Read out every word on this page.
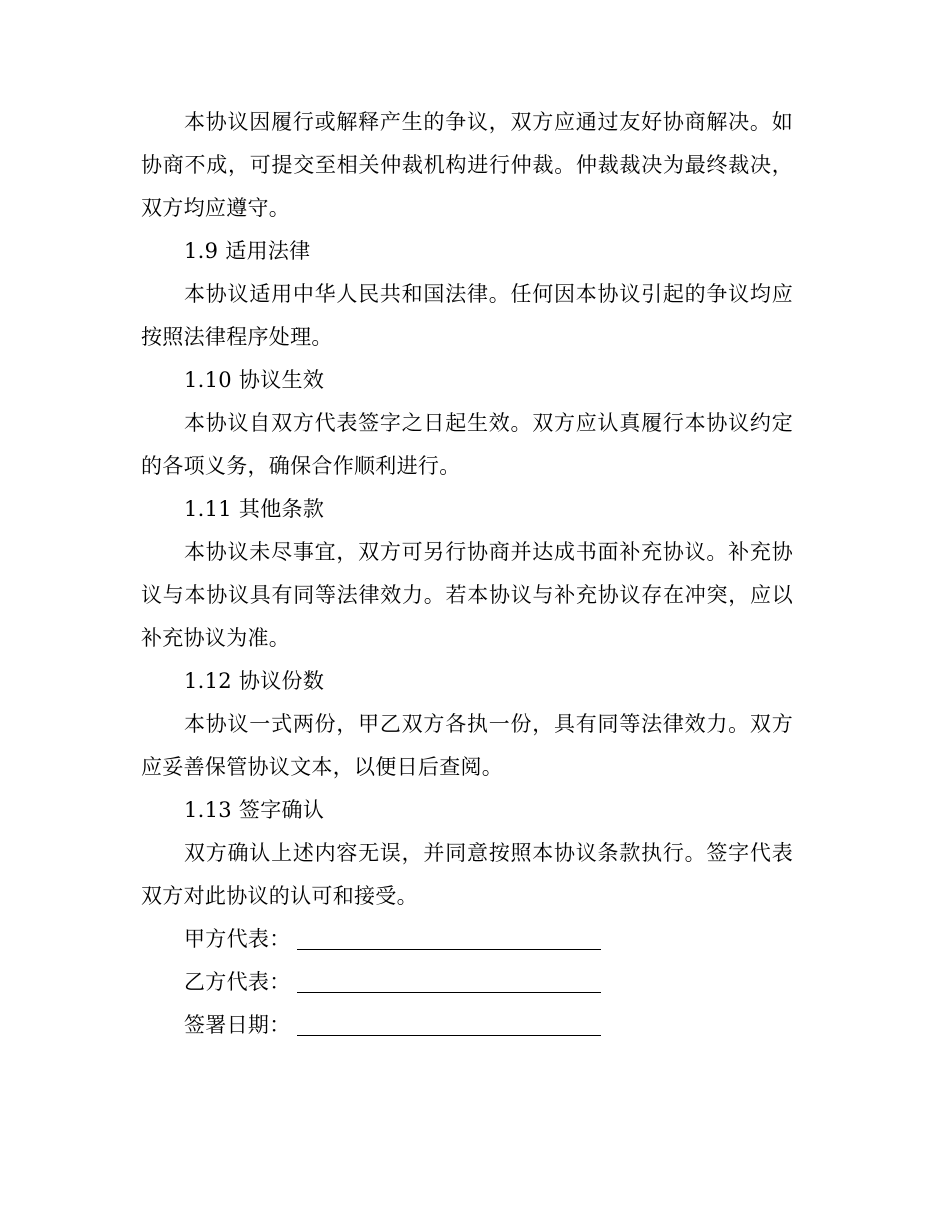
本协议因履行或解释产生的争议，双方应通过友好协商解决。如协商不成，可提交至相关仲裁机构进行仲裁。仲裁裁决为最终裁决，双方均应遵守。

1.9 适用法律

本协议适用中华人民共和国法律。任何因本协议引起的争议均应按照法律程序处理。

1.10 协议生效

本协议自双方代表签字之日起生效。双方应认真履行本协议约定的各项义务，确保合作顺利进行。

1.11 其他条款

本协议未尽事宜，双方可另行协商并达成书面补充协议。补充协议与本协议具有同等法律效力。若本协议与补充协议存在冲突，应以补充协议为准。

1.12 协议份数

本协议一式两份，甲乙双方各执一份，具有同等法律效力。双方应妥善保管协议文本，以便日后查阅。

1.13 签字确认

双方确认上述内容无误，并同意按照本协议条款执行。签字代表双方对此协议的认可和接受。

甲方代表：
乙方代表：
签署日期：
